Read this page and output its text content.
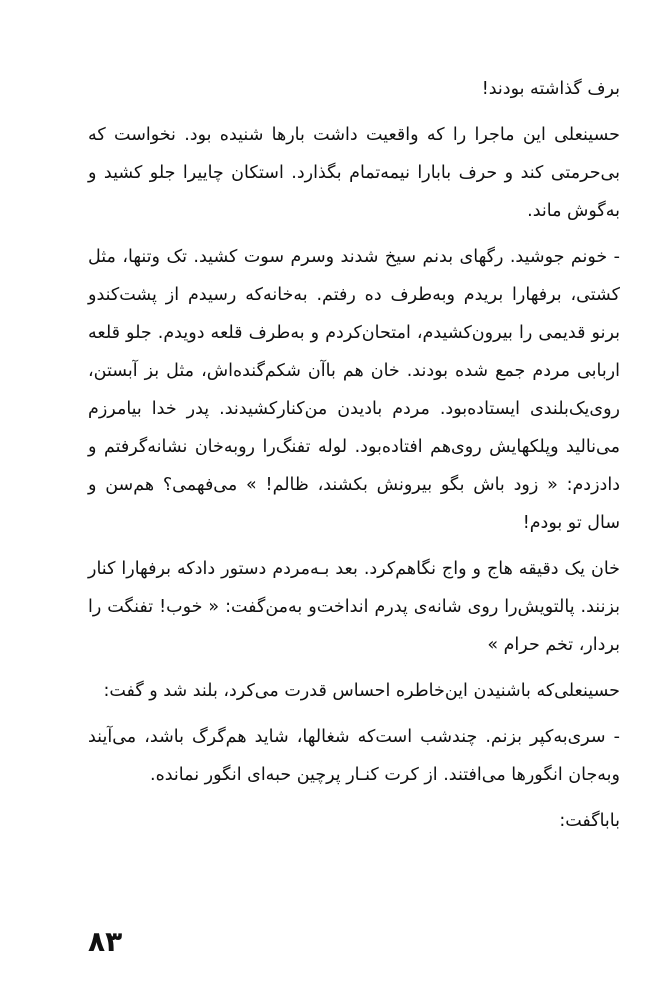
برف گذاشته بودند!

حسینعلی این ماجرا را که واقعیت داشت بارها شنیده بود. نخواست که بی‌حرمتی کند و حرف بابارا نیمه‌تمام بگذارد. استکان چاییرا جلو کشید و به‌گوش ماند.

- خونم جوشید. رگهای بدنم سیخ شدند وسرم سوت کشید. تک وتنها، مثل کشتی، برفهارا بریدم وبه‌طرف ده رفتم. به‌خانه‌که رسیدم از پشت‌کندو برنو قدیمی را بیرون‌کشیدم، امتحان‌کردم و به‌طرف قلعه دویدم. جلو قلعه اربابی مردم جمع شده بودند. خان هم باآن شکم‌گنده‌اش، مثل بز آبستن، روی‌یک‌بلندی ایستاده‌بود. مردم بادیدن من‌کنار‌کشیدند. پدر خدا بیامرزم می‌نالید وپلکهایش روی‌هم افتاده‌بود. لوله تفنگ‌را روبه‌خان نشانه‌گرفتم و دادزدم: « زود باش بگو بیرونش بکشند، ظالم! » می‌فهمی؟ هم‌سن و سال تو بودم!

خان یک دقیقه هاج و واج نگاهم‌کرد. بعد بـه‌مردم دستور داد‌که برفهارا کنار بزنند. پالتویش‌را روی شانه‌ی پدرم انداخت‌و به‌من‌گفت: « خوب! تفنگت را بردار، تخم حرام »

حسینعلی‌که باشنیدن این‌خاطره احساس قدرت می‌کرد، بلند شد و گفت:

- سری‌به‌کپر بزنم. چندشب است‌که شغالها، شاید هم‌گرگ باشد، می‌آیند وبه‌جان انگورها می‌افتند. از کرت کنـار پرچین حبه‌ای انگور نمانده.

باباگفت:

۸۳
